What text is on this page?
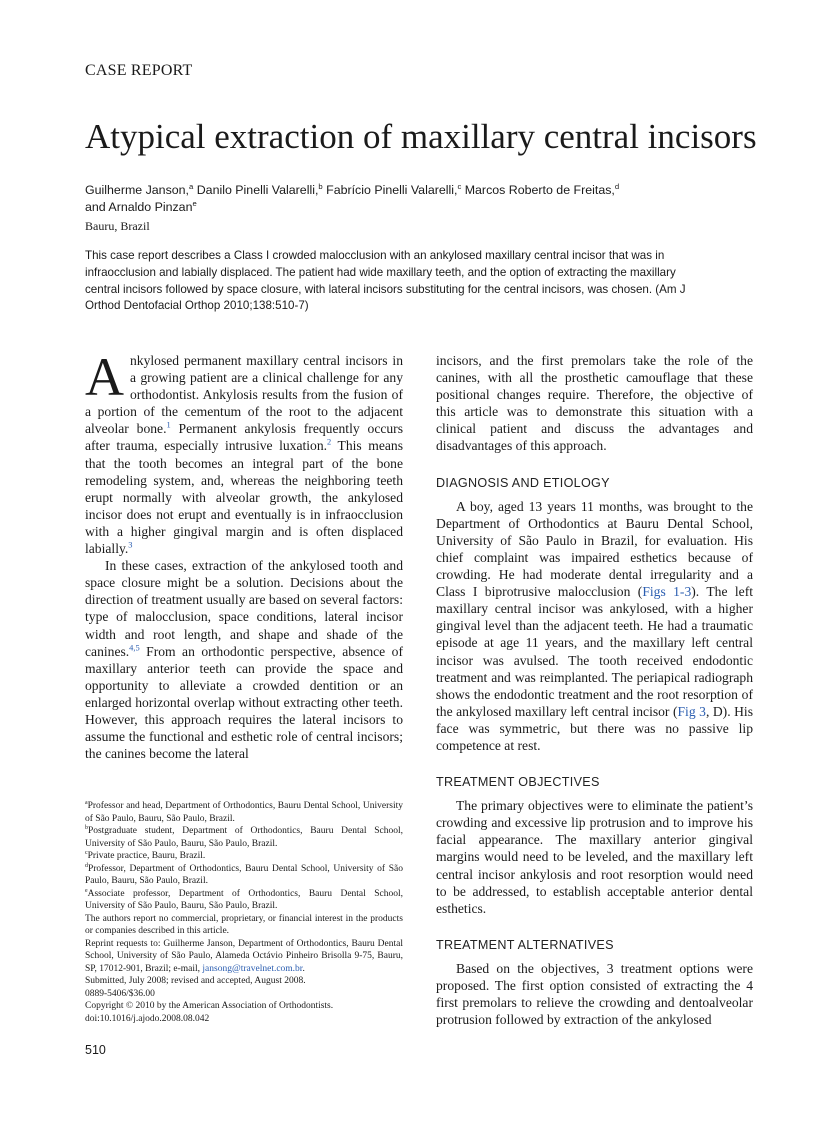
CASE REPORT
Atypical extraction of maxillary central incisors
Guilherme Janson,$^a$ Danilo Pinelli Valarelli,$^b$ Fabrício Pinelli Valarelli,$^c$ Marcos Roberto de Freitas,$^d$
and Arnaldo Pinzan$^e$
Bauru, Brazil
This case report describes a Class I crowded malocclusion with an ankylosed maxillary central incisor that was in infraocclusion and labially displaced. The patient had wide maxillary teeth, and the option of extracting the maxillary central incisors followed by space closure, with lateral incisors substituting for the central incisors, was chosen. (Am J Orthod Dentofacial Orthop 2010;138:510-7)

Ankylosed permanent maxillary central incisors in a growing patient are a clinical challenge for any orthodontist. Ankylosis results from the fusion of a portion of the cementum of the root to the adjacent alveolar bone.$^1$ Permanent ankylosis frequently occurs after trauma, especially intrusive luxation.$^2$ This means that the tooth becomes an integral part of the bone remodeling system, and, whereas the neighboring teeth erupt normally with alveolar growth, the ankylosed incisor does not erupt and eventually is in infraocclusion with a higher gingival margin and is often displaced labially.$^3$

In these cases, extraction of the ankylosed tooth and space closure might be a solution. Decisions about the direction of treatment usually are based on several factors: type of malocclusion, space conditions, lateral incisor width and root length, and shape and shade of the canines.$^{4,5}$ From an orthodontic perspective, absence of maxillary anterior teeth can provide the space and opportunity to alleviate a crowded dentition or an enlarged horizontal overlap without extracting other teeth. However, this approach requires the lateral incisors to assume the functional and esthetic role of central incisors; the canines become the lateral

incisors, and the first premolars take the role of the canines, with all the prosthetic camouflage that these positional changes require. Therefore, the objective of this article was to demonstrate this situation with a clinical patient and discuss the advantages and disadvantages of this approach.

DIAGNOSIS AND ETIOLOGY

A boy, aged 13 years 11 months, was brought to the Department of Orthodontics at Bauru Dental School, University of São Paulo in Brazil, for evaluation. His chief complaint was impaired esthetics because of crowding. He had moderate dental irregularity and a Class I biprotrusive malocclusion (Figs 1-3). The left maxillary central incisor was ankylosed, with a higher gingival level than the adjacent teeth. He had a traumatic episode at age 11 years, and the maxillary left central incisor was avulsed. The tooth received endodontic treatment and was reimplanted. The periapical radiograph shows the endodontic treatment and the root resorption of the ankylosed maxillary left central incisor (Fig 3, D). His face was symmetric, but there was no passive lip competence at rest.

TREATMENT OBJECTIVES

The primary objectives were to eliminate the patient’s crowding and excessive lip protrusion and to improve his facial appearance. The maxillary anterior gingival margins would need to be leveled, and the maxillary left central incisor ankylosis and root resorption would need to be addressed, to establish acceptable anterior dental esthetics.

TREATMENT ALTERNATIVES

Based on the objectives, 3 treatment options were proposed. The first option consisted of extracting the 4 first premolars to relieve the crowding and dentoalveolar protrusion followed by extraction of the ankylosed

$^a$Professor and head, Department of Orthodontics, Bauru Dental School, University of São Paulo, Bauru, São Paulo, Brazil.
$^b$Postgraduate student, Department of Orthodontics, Bauru Dental School, University of São Paulo, Bauru, São Paulo, Brazil.
$^c$Private practice, Bauru, Brazil.
$^d$Professor, Department of Orthodontics, Bauru Dental School, University of São Paulo, Bauru, São Paulo, Brazil.
$^e$Associate professor, Department of Orthodontics, Bauru Dental School, University of São Paulo, Bauru, São Paulo, Brazil.
The authors report no commercial, proprietary, or financial interest in the products or companies described in this article.
Reprint requests to: Guilherme Janson, Department of Orthodontics, Bauru Dental School, University of São Paulo, Alameda Octávio Pinheiro Brisolla 9-75, Bauru, SP, 17012-901, Brazil; e-mail, jansong@travelnet.com.br.
Submitted, July 2008; revised and accepted, August 2008.
0889-5406/$36.00
Copyright © 2010 by the American Association of Orthodontists.
doi:10.1016/j.ajodo.2008.08.042
510
